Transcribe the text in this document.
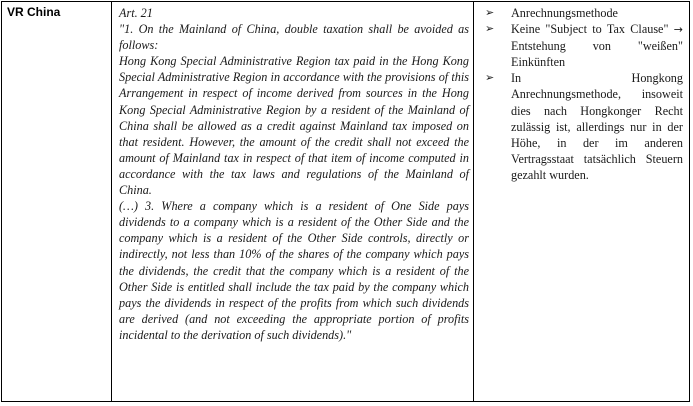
VR China	Art. 21

"1. On the Mainland of China, double taxation shall be avoided as follows:

Hong Kong Special Administrative Region tax paid in the Hong Kong Special Administrative Region in accordance with the provisions of this Arrangement in respect of income derived from sources in the Hong Kong Special Administrative Region by a resident of the Mainland of China shall be allowed as a credit against Mainland tax imposed on that resident. However, the amount of the credit shall not exceed the amount of Mainland tax in respect of that item of income computed in accordance with the tax laws and regulations of the Mainland of China.

(…) 3. Where a company which is a resident of One Side pays dividends to a company which is a resident of the Other Side and the company which is a resident of the Other Side controls, directly or indirectly, not less than 10% of the shares of the company which pays the dividends, the credit that the company which is a resident of the Other Side is entitled shall include the tax paid by the company which pays the dividends in respect of the profits from which such dividends are derived (and not exceeding the appropriate portion of profits incidental to the derivation of such dividends)."

➢ Anrechnungsmethode
➢ Keine "Subject to Tax Clause" → Entstehung von "weißen" Einkünften
➢ In Hongkong Anrechnungsmethode, insoweit dies nach Hongkonger Recht zulässig ist, allerdings nur in der Höhe, in der im anderen Vertragsstaat tatsächlich Steuern gezahlt wurden.
